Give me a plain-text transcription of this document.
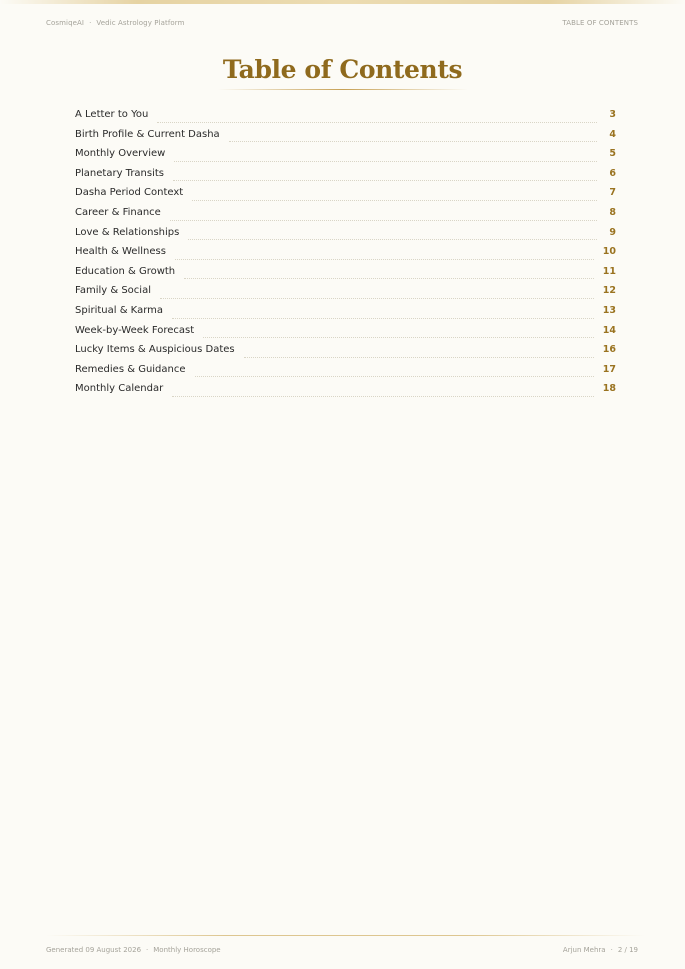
CosmiqeAI · Vedic Astrology Platform	TABLE OF CONTENTS
Table of Contents
A Letter to You	3
Birth Profile & Current Dasha	4
Monthly Overview	5
Planetary Transits	6
Dasha Period Context	7
Career & Finance	8
Love & Relationships	9
Health & Wellness	10
Education & Growth	11
Family & Social	12
Spiritual & Karma	13
Week-by-Week Forecast	14
Lucky Items & Auspicious Dates	16
Remedies & Guidance	17
Monthly Calendar	18
Generated 09 August 2026 · Monthly Horoscope	Arjun Mehra · 2 / 19
